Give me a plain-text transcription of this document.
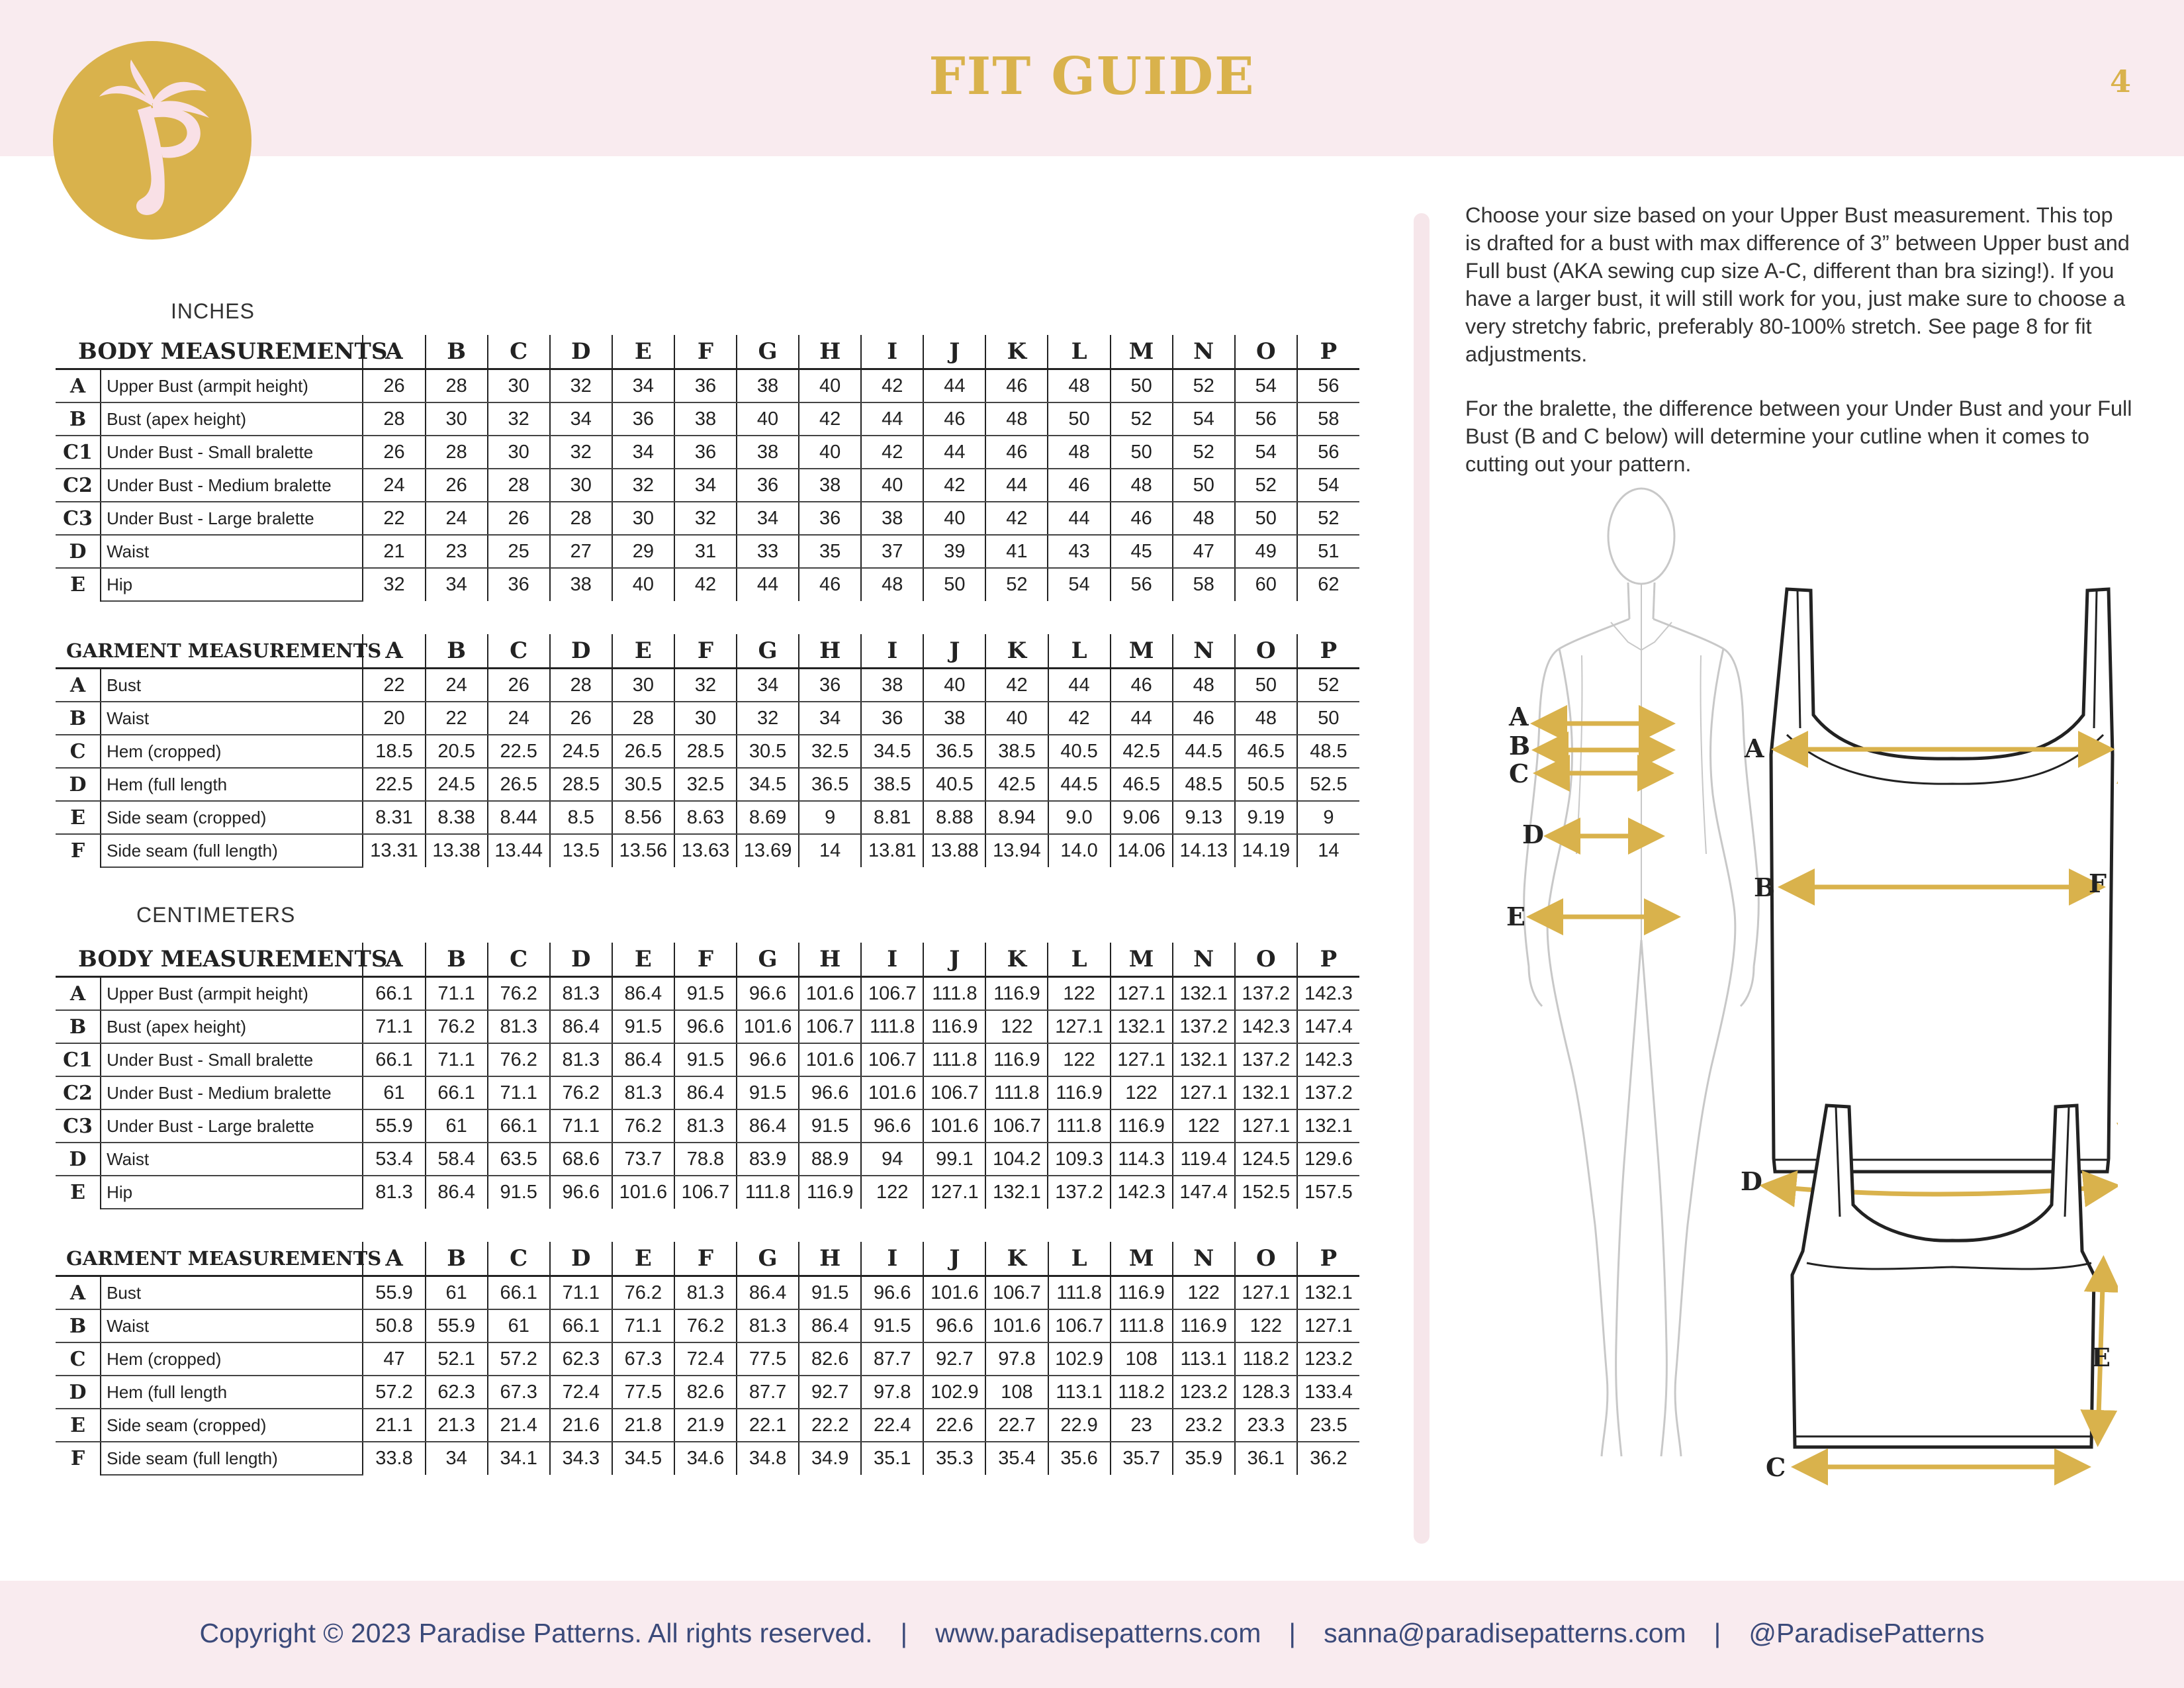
FIT GUIDE	4
INCHES
BODY MEASUREMENTS		A	B	C	D	E	F	G	H	I	J	K	L	M	N	O	P
A	Upper Bust (armpit height)	26	28	30	32	34	36	38	40	42	44	46	48	50	52	54	56
B	Bust (apex height)	28	30	32	34	36	38	40	42	44	46	48	50	52	54	56	58
C1	Under Bust - Small bralette	26	28	30	32	34	36	38	40	42	44	46	48	50	52	54	56
C2	Under Bust - Medium bralette	24	26	28	30	32	34	36	38	40	42	44	46	48	50	52	54
C3	Under Bust - Large bralette	22	24	26	28	30	32	34	36	38	40	42	44	46	48	50	52
D	Waist	21	23	25	27	29	31	33	35	37	39	41	43	45	47	49	51
E	Hip	32	34	36	38	40	42	44	46	48	50	52	54	56	58	60	62
GARMENT MEASUREMENTS		A	B	C	D	E	F	G	H	I	J	K	L	M	N	O	P
A	Bust	22	24	26	28	30	32	34	36	38	40	42	44	46	48	50	52
B	Waist	20	22	24	26	28	30	32	34	36	38	40	42	44	46	48	50
C	Hem (cropped)	18.5	20.5	22.5	24.5	26.5	28.5	30.5	32.5	34.5	36.5	38.5	40.5	42.5	44.5	46.5	48.5
D	Hem (full length	22.5	24.5	26.5	28.5	30.5	32.5	34.5	36.5	38.5	40.5	42.5	44.5	46.5	48.5	50.5	52.5
E	Side seam (cropped)	8.31	8.38	8.44	8.5	8.56	8.63	8.69	9	8.81	8.88	8.94	9.0	9.06	9.13	9.19	9
F	Side seam (full length)	13.31	13.38	13.44	13.5	13.56	13.63	13.69	14	13.81	13.88	13.94	14.0	14.06	14.13	14.19	14
CENTIMETERS
BODY MEASUREMENTS		A	B	C	D	E	F	G	H	I	J	K	L	M	N	O	P
A	Upper Bust (armpit height)	66.1	71.1	76.2	81.3	86.4	91.5	96.6	101.6	106.7	111.8	116.9	122	127.1	132.1	137.2	142.3
B	Bust (apex height)	71.1	76.2	81.3	86.4	91.5	96.6	101.6	106.7	111.8	116.9	122	127.1	132.1	137.2	142.3	147.4
C1	Under Bust - Small bralette	66.1	71.1	76.2	81.3	86.4	91.5	96.6	101.6	106.7	111.8	116.9	122	127.1	132.1	137.2	142.3
C2	Under Bust - Medium bralette	61	66.1	71.1	76.2	81.3	86.4	91.5	96.6	101.6	106.7	111.8	116.9	122	127.1	132.1	137.2
C3	Under Bust - Large bralette	55.9	61	66.1	71.1	76.2	81.3	86.4	91.5	96.6	101.6	106.7	111.8	116.9	122	127.1	132.1
D	Waist	53.4	58.4	63.5	68.6	73.7	78.8	83.9	88.9	94	99.1	104.2	109.3	114.3	119.4	124.5	129.6
E	Hip	81.3	86.4	91.5	96.6	101.6	106.7	111.8	116.9	122	127.1	132.1	137.2	142.3	147.4	152.5	157.5
GARMENT MEASUREMENTS		A	B	C	D	E	F	G	H	I	J	K	L	M	N	O	P
A	Bust	55.9	61	66.1	71.1	76.2	81.3	86.4	91.5	96.6	101.6	106.7	111.8	116.9	122	127.1	132.1
B	Waist	50.8	55.9	61	66.1	71.1	76.2	81.3	86.4	91.5	96.6	101.6	106.7	111.8	116.9	122	127.1
C	Hem (cropped)	47	52.1	57.2	62.3	67.3	72.4	77.5	82.6	87.7	92.7	97.8	102.9	108	113.1	118.2	123.2
D	Hem (full length	57.2	62.3	67.3	72.4	77.5	82.6	87.7	92.7	97.8	102.9	108	113.1	118.2	123.2	128.3	133.4
E	Side seam (cropped)	21.1	21.3	21.4	21.6	21.8	21.9	22.1	22.2	22.4	22.6	22.7	22.9	23	23.2	23.3	23.5
F	Side seam (full length)	33.8	34	34.1	34.3	34.5	34.6	34.8	34.9	35.1	35.3	35.4	35.6	35.7	35.9	36.1	36.2

Choose your size based on your Upper Bust measurement. This top is drafted for a bust with max difference of 3” between Upper bust and Full bust (AKA sewing cup size A-C, different than bra sizing!). If you have a larger bust, it will still work for you, just make sure to choose a very stretchy fabric, preferably 80-100% stretch. See page 8 for fit adjustments.

For the bralette, the difference between your Under Bust and your Full Bust (B and C below) will determine your cutline when it comes to cutting out your pattern.

A
B
C
D
E
A
B
D
F
C
E
Copyright © 2023 Paradise Patterns. All rights reserved. | www.paradisepatterns.com | sanna@paradisepatterns.com | @ParadisePatterns
